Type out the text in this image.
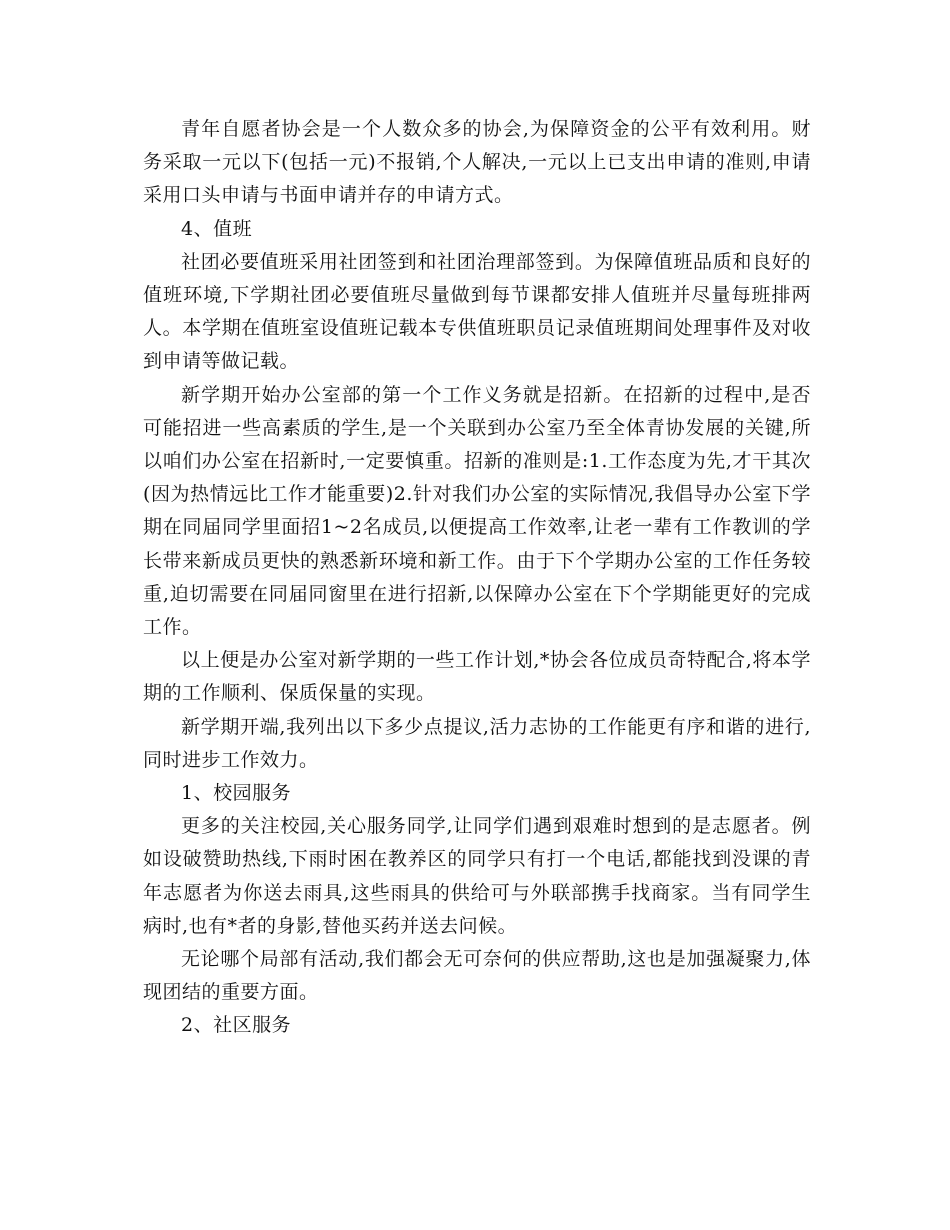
青年自愿者协会是一个人数众多的协会,为保障资金的公平有效利用。财务采取一元以下(包括一元)不报销,个人解决,一元以上已支出申请的准则,申请采用口头申请与书面申请并存的申请方式。

4、值班

社团必要值班采用社团签到和社团治理部签到。为保障值班品质和良好的值班环境,下学期社团必要值班尽量做到每节课都安排人值班并尽量每班排两人。本学期在值班室设值班记载本专供值班职员记录值班期间处理事件及对收到申请等做记载。

新学期开始办公室部的第一个工作义务就是招新。在招新的过程中,是否可能招进一些高素质的学生,是一个关联到办公室乃至全体青协发展的关键,所以咱们办公室在招新时,一定要慎重。招新的准则是:1.工作态度为先,才干其次(因为热情远比工作才能重要)2.针对我们办公室的实际情况,我倡导办公室下学期在同届同学里面招1~2名成员,以便提高工作效率,让老一辈有工作教训的学长带来新成员更快的熟悉新环境和新工作。由于下个学期办公室的工作任务较重,迫切需要在同届同窗里在进行招新,以保障办公室在下个学期能更好的完成工作。

以上便是办公室对新学期的一些工作计划,*协会各位成员奇特配合,将本学期的工作顺利、保质保量的实现。

新学期开端,我列出以下多少点提议,活力志协的工作能更有序和谐的进行,同时进步工作效力。

1、校园服务

更多的关注校园,关心服务同学,让同学们遇到艰难时想到的是志愿者。例如设破赞助热线,下雨时困在教养区的同学只有打一个电话,都能找到没课的青年志愿者为你送去雨具,这些雨具的供给可与外联部携手找商家。当有同学生病时,也有*者的身影,替他买药并送去问候。

无论哪个局部有活动,我们都会无可奈何的供应帮助,这也是加强凝聚力,体现团结的重要方面。

2、社区服务
